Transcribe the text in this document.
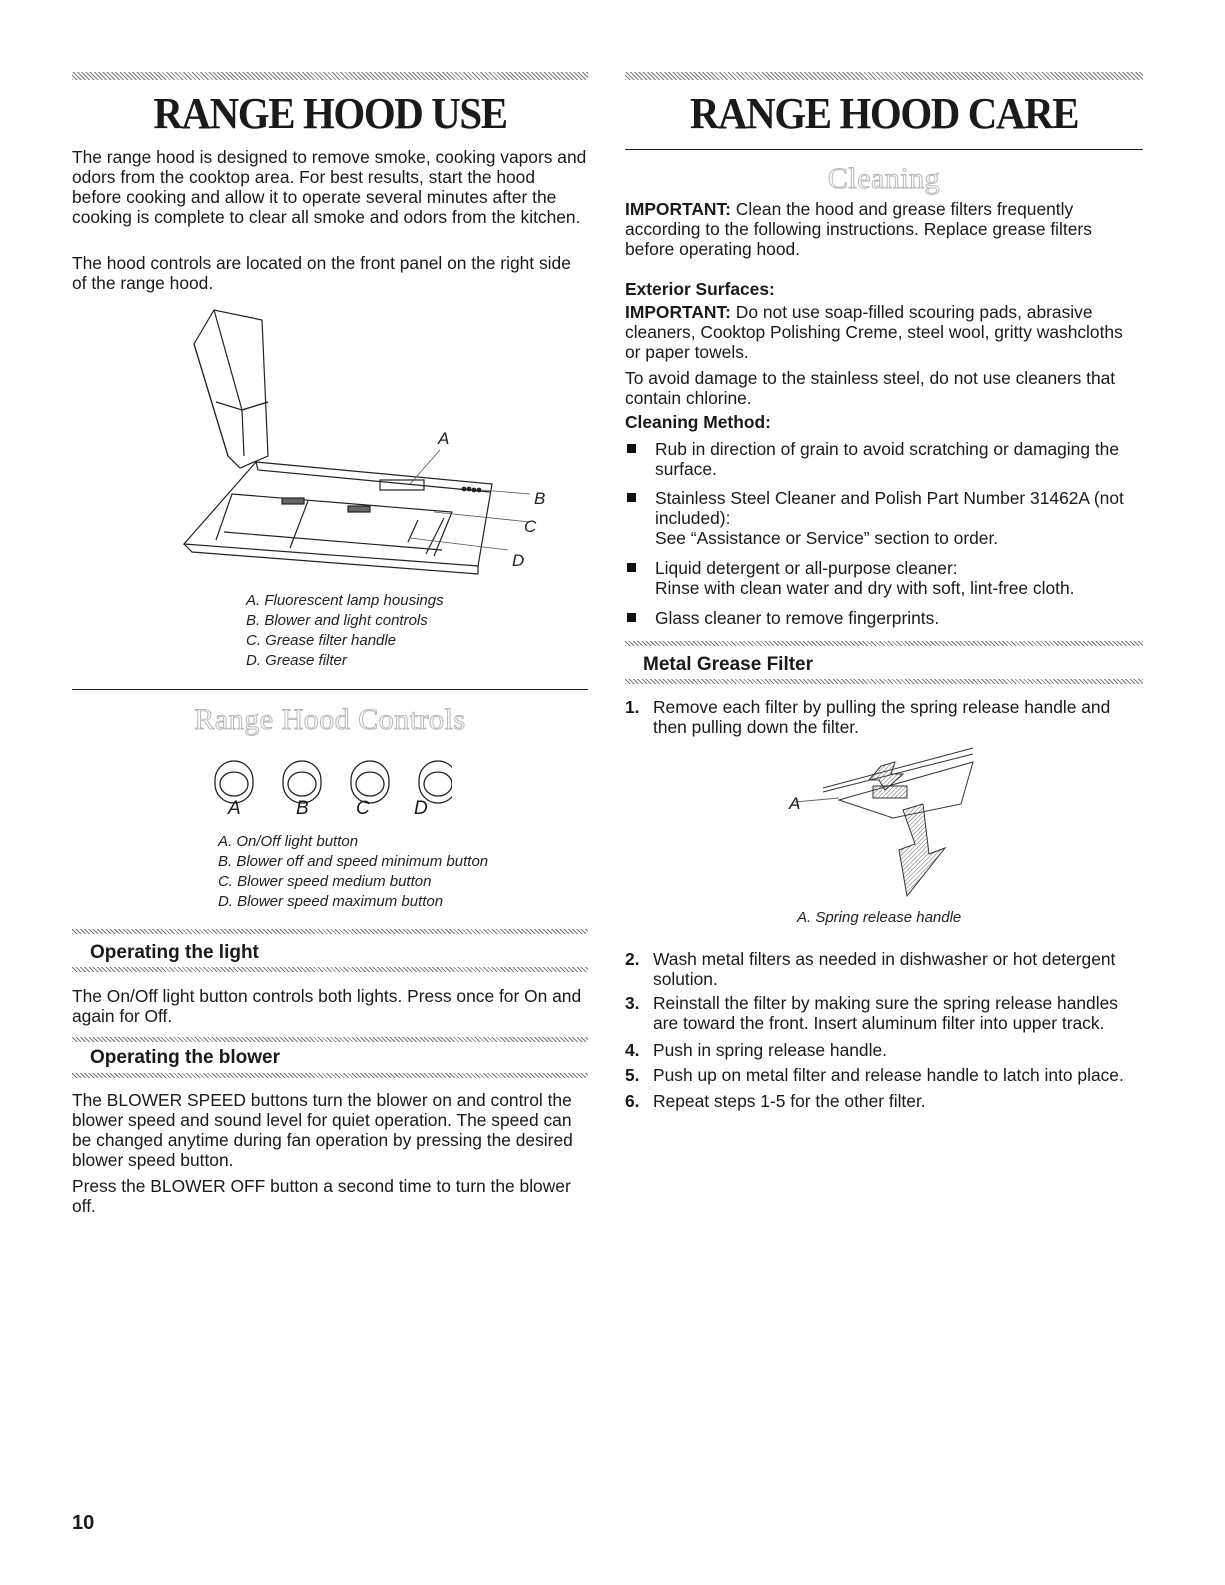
RANGE HOOD USE

The range hood is designed to remove smoke, cooking vapors and odors from the cooktop area. For best results, start the hood before cooking and allow it to operate several minutes after the cooking is complete to clear all smoke and odors from the kitchen.

The hood controls are located on the front panel on the right side of the range hood.

A
B
C
D
A. Fluorescent lamp housings
B. Blower and light controls
C. Grease filter handle
D. Grease filter
Range Hood Controls
A	B C D
A. On/Off light button
B. Blower off and speed minimum button
C. Blower speed medium button
D. Blower speed maximum button
Operating the light

The On/Off light button controls both lights. Press once for On and again for Off.

Operating the blower

The BLOWER SPEED buttons turn the blower on and control the blower speed and sound level for quiet operation. The speed can be changed anytime during fan operation by pressing the desired blower speed button.

Press the BLOWER OFF button a second time to turn the blower off.

RANGE HOOD CARE
Cleaning

IMPORTANT: Clean the hood and grease filters frequently according to the following instructions. Replace grease filters before operating hood.

Exterior Surfaces:

IMPORTANT: Do not use soap-filled scouring pads, abrasive cleaners, Cooktop Polishing Creme, steel wool, gritty washcloths or paper towels.

To avoid damage to the stainless steel, do not use cleaners that contain chlorine.

Cleaning Method:
Rub in direction of grain to avoid scratching or damaging the surface.
Stainless Steel Cleaner and Polish Part Number 31462A (not included):
See “Assistance or Service” section to order.
Liquid detergent or all-purpose cleaner:
Rinse with clean water and dry with soft, lint-free cloth.
Glass cleaner to remove fingerprints.
Metal Grease Filter
1. Remove each filter by pulling the spring release handle and then pulling down the filter.
A
A. Spring release handle
2. Wash metal filters as needed in dishwasher or hot detergent solution.
3. Reinstall the filter by making sure the spring release handles are toward the front. Insert aluminum filter into upper track.
4. Push in spring release handle.
5. Push up on metal filter and release handle to latch into place.
6. Repeat steps 1-5 for the other filter.
10
